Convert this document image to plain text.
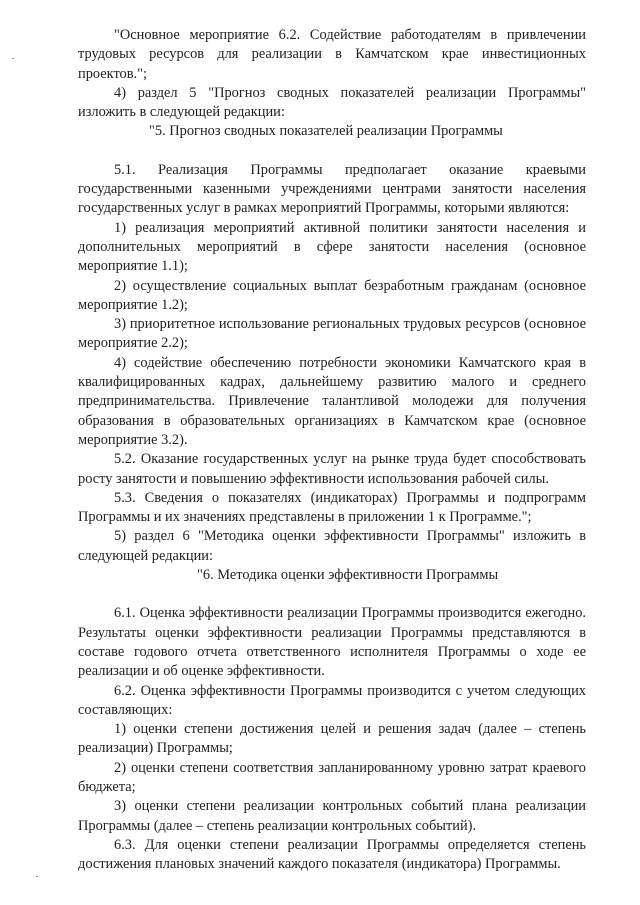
"Основное мероприятие 6.2. Содействие работодателям в привлечении трудовых ресурсов для реализации в Камчатском крае инвестиционных проектов.";

4) раздел 5 "Прогноз сводных показателей реализации Программы" изложить в следующей редакции:

"5. Прогноз сводных показателей реализации Программы

5.1. Реализация Программы предполагает оказание краевыми государственными казенными учреждениями центрами занятости населения государственных услуг в рамках мероприятий Программы, которыми являются:

1) реализация мероприятий активной политики занятости населения и дополнительных мероприятий в сфере занятости населения (основное мероприятие 1.1);

2) осуществление социальных выплат безработным гражданам (основное мероприятие 1.2);

3) приоритетное использование региональных трудовых ресурсов (основное мероприятие 2.2);

4) содействие обеспечению потребности экономики Камчатского края в квалифицированных кадрах, дальнейшему развитию малого и среднего предпринимательства. Привлечение талантливой молодежи для получения образования в образовательных организациях в Камчатском крае (основное мероприятие 3.2).

5.2. Оказание государственных услуг на рынке труда будет способствовать росту занятости и повышению эффективности использования рабочей силы.

5.3. Сведения о показателях (индикаторах) Программы и подпрограмм Программы и их значениях представлены в приложении 1 к Программе.";

5) раздел 6 "Методика оценки эффективности Программы" изложить в следующей редакции:

"6. Методика оценки эффективности Программы

6.1. Оценка эффективности реализации Программы производится ежегодно. Результаты оценки эффективности реализации Программы представляются в составе годового отчета ответственного исполнителя Программы о ходе ее реализации и об оценке эффективности.

6.2. Оценка эффективности Программы производится с учетом следующих составляющих:

1) оценки степени достижения целей и решения задач (далее – степень реализации) Программы;

2) оценки степени соответствия запланированному уровню затрат краевого бюджета;

3) оценки степени реализации контрольных событий плана реализации Программы (далее – степень реализации контрольных событий).

6.3. Для оценки степени реализации Программы определяется степень достижения плановых значений каждого показателя (индикатора) Программы.
